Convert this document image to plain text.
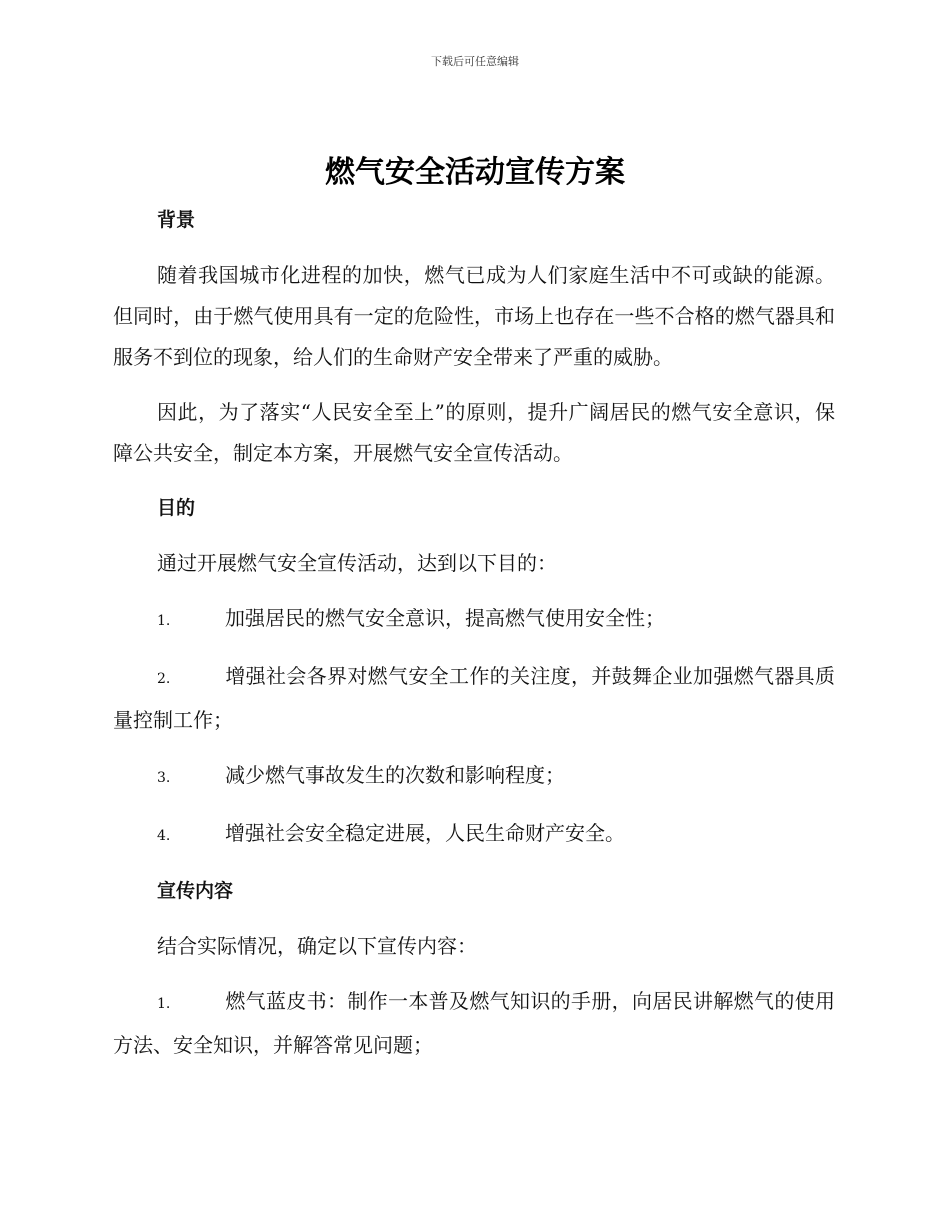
下载后可任意编辑
燃气安全活动宣传方案

背景

随着我国城市化进程的加快，燃气已成为人们家庭生活中不可或缺的能源。但同时，由于燃气使用具有一定的危险性，市场上也存在一些不合格的燃气器具和服务不到位的现象，给人们的生命财产安全带来了严重的威胁。

因此，为了落实“人民安全至上”的原则，提升广阔居民的燃气安全意识，保障公共安全，制定本方案，开展燃气安全宣传活动。

目的

通过开展燃气安全宣传活动，达到以下目的：

1.	加强居民的燃气安全意识，提高燃气使用安全性；

2.	增强社会各界对燃气安全工作的关注度，并鼓舞企业加强燃气器具质量控制工作；

3.	减少燃气事故发生的次数和影响程度；

4.	增强社会安全稳定进展，人民生命财产安全。

宣传内容

结合实际情况，确定以下宣传内容：

1.	燃气蓝皮书：制作一本普及燃气知识的手册，向居民讲解燃气的使用方法、安全知识，并解答常见问题；
